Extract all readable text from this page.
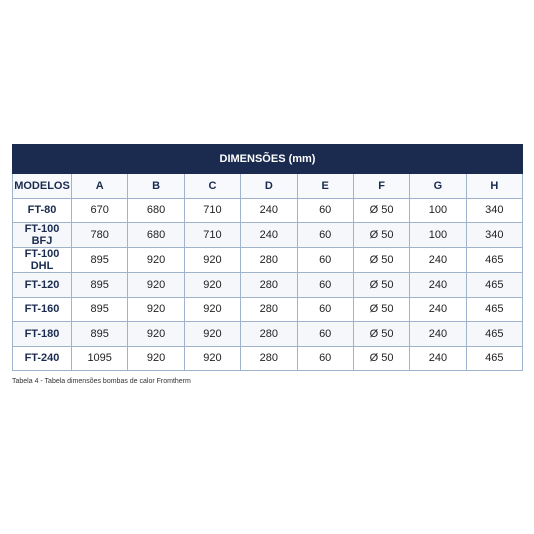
DIMENSÕES (mm)								
MODELOS	A	B	C	D	E	F	G	H
FT-80	670	680	710	240	60	Ø 50	100	340
FT-100 BFJ	780	680	710	240	60	Ø 50	100	340
FT-100 DHL	895	920	920	280	60	Ø 50	240	465
FT-120	895	920	920	280	60	Ø 50	240	465
FT-160	895	920	920	280	60	Ø 50	240	465
FT-180	895	920	920	280	60	Ø 50	240	465
FT-240	1095	920	920	280	60	Ø 50	240	465
Tabela 4 - Tabela dimensões bombas de calor Fromtherm
